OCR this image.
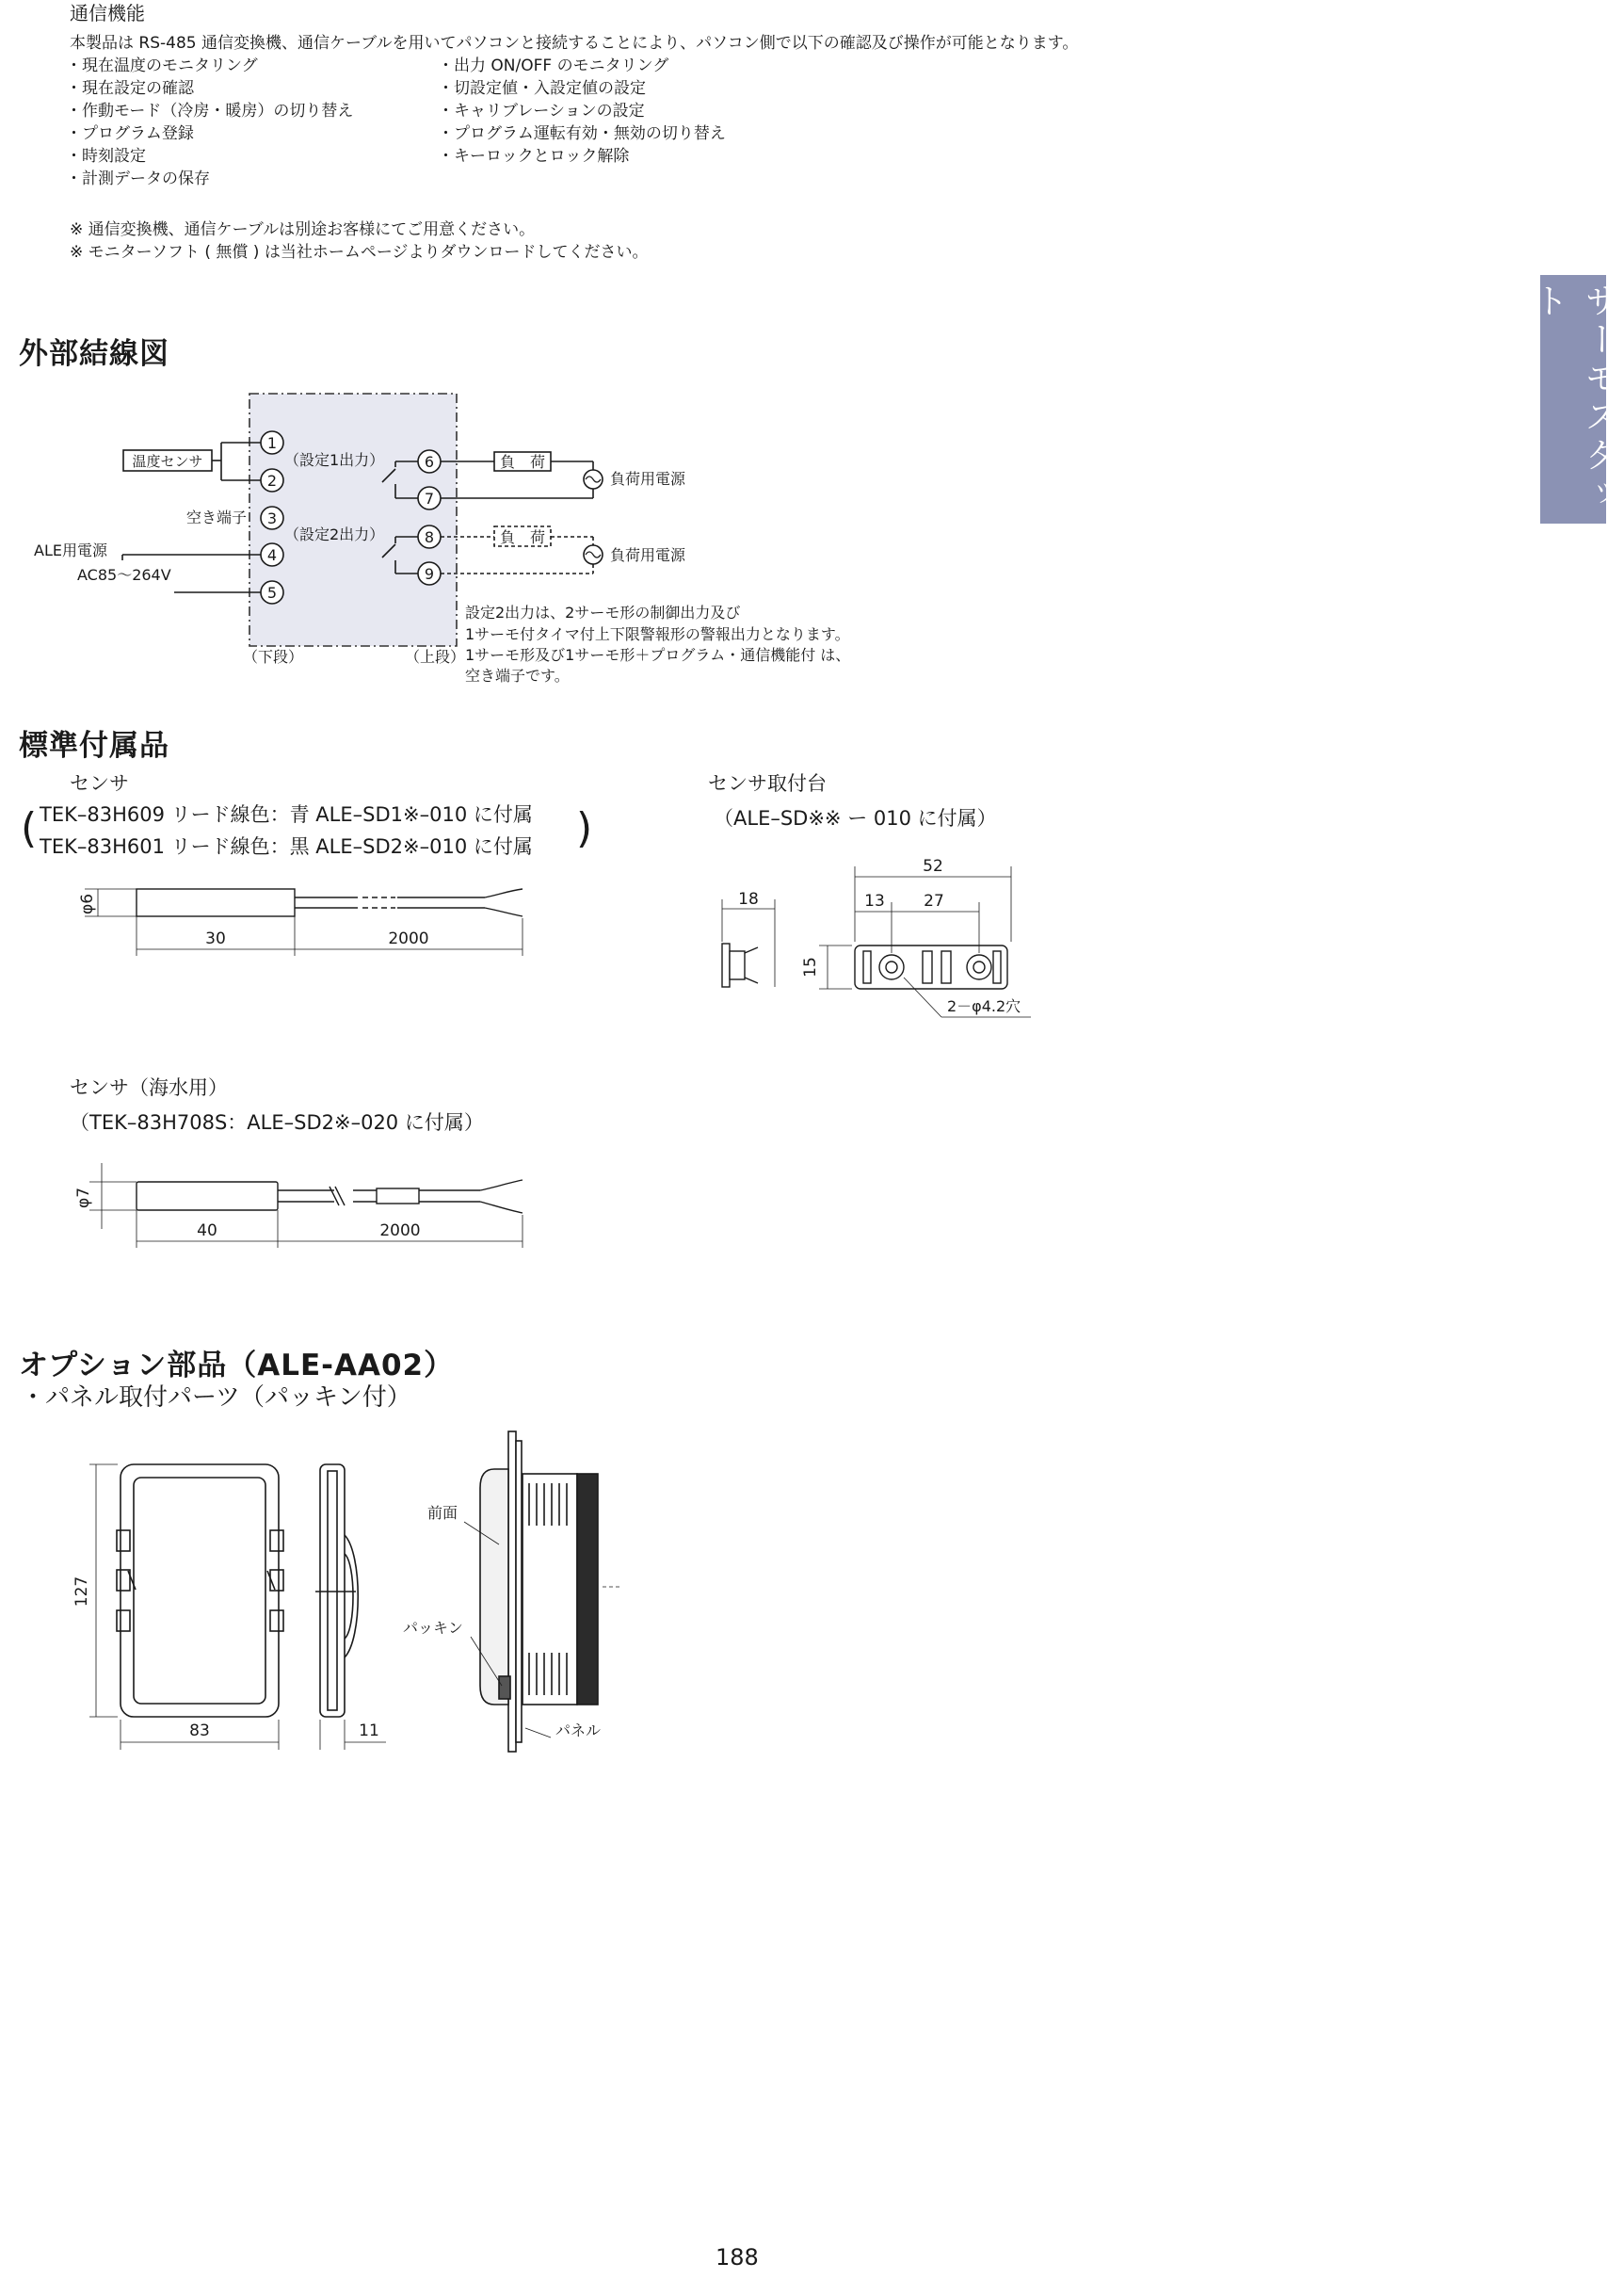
通信機能
本製品は RS-485 通信変換機、通信ケーブルを用いてパソコンと接続することにより、パソコン側で以下の確認及び操作が可能となります。
・現在温度のモニタリング
・現在設定の確認
・作動モード（冷房・暖房）の切り替え
・プログラム登録
・時刻設定
・計測データの保存
・出力 ON/OFF のモニタリング
・切設定値・入設定値の設定
・キャリブレーションの設定
・プログラム運転有効・無効の切り替え
・キーロックとロック解除
※ 通信変換機、通信ケーブルは別途お客様にてご用意ください。
※ モニターソフト ( 無償 ) は当社ホームページよりダウンロードしてください。
サーモスタット
外部結線図
1
2
3
4
5
6
7
8
9
温度センサ
空き端子
ALE用電源
AC85～264V
（設定1出力）
（設定2出力）
負　荷
負　荷
負荷用電源
負荷用電源
（下段）	（上段）
設定2出力は、2サーモ形の制御出力及び
1サーモ付タイマ付上下限警報形の警報出力となります。
1サーモ形及び1サーモ形＋プログラム・通信機能付 は、
空き端子です。
φ6
30	2000
52
13 27
18
15
2－φ4.2穴
φ7
40	2000
127
83	11
前面
パッキン
パネル
標準付属品
センサ
( TEK–83H609 リード線色：青 ALE–SD1※–010 に付属
TEK–83H601 リード線色：黒 ALE–SD2※–010 に付属 )
センサ取付台
（ALE–SD※※ ー 010 に付属）
センサ（海水用）
（TEK–83H708S：ALE–SD2※–020 に付属）
オプション部品（ALE-AA02）
・パネル取付パーツ（パッキン付）
188
